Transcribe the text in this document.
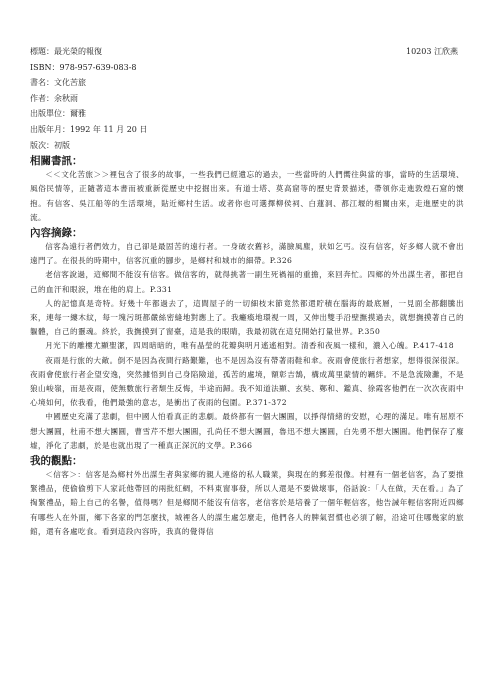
標題：最光榮的報復	10203 江欣燕
ISBN：978-957-639-083-8
書名：文化苦旅
作者：余秋雨
出版單位：爾雅
出版年月：1992 年 11 月 20 日
版次：初版
相關書訊：

＜＜文化苦旅＞＞裡包含了很多的故事，一些我們已經遺忘的過去，一些當時的人們嚮往與當的事，當時的生活環境、風俗民情等，正隨著這本書而被重新從歷史中挖掘出來。有道士塔、莫高窟等的歷史背景描述，帶領你走進敦煌石窟的懷抱。有信客、吳江船等的生活環境，貼近鄉村生活。或者你也可選擇柳侯祠、白蓮洞、都江堰的相關由來，走進歷史的洪流。

內容摘錄：

信客為遠行者們效力，自己卻是最固苦的遠行者。一身破衣舊衫，滿臉風塵，狀如乞丐。沒有信客，好多鄉人就不會出遠門了。在很長的時期中，信客沉重的腳步，是鄉村和城市的細帶。P.326

老信客說過，這鄉間不能沒有信客。做信客的，就得挑著一副生死禍福的重擔，來回奔忙。四鄉的外出謀生者，都把自己的血汗和眼淚，堆在他的肩上。P.331

人的記憶真是奇特。好幾十年都過去了，這間屋子的一切細枝末節竟然都還貯積在腦海的最底層，一見面全都翻騰出來，連每一縷木紋，每一塊污斑都嚴絲密縫地對應上了。我癱瘓地環視一周，又伸出雙手沿壁撫摸過去，就想撫摸著自己的軀體，自己的靈魂。終於，我撫摸到了窗臺，這是我的眼睛，我最初就在這兒開始打量世界。P.350

月光下的雕樓尤顯聖潔，四周暗暗的，唯有晶瑩的花瓣與明月遙遙相對。清香和夜風一樣和，濃入心魄。P.417-418

夜雨是行旅的大敵。倒不是因為夜間行路艱難，也不是因為沒有帶著雨鞋和傘。夜雨會使旅行者想家，想得很深很深。夜雨會使旅行者企望安逸，突然據悟到自己身陷險道，孤苦的處境，額彰吉鵠，構成萬里蒙情的羈絆。不是急流險灘，不是狼山峻嶺，而是夜雨，使無數旅行者頹生反悔，半途而歸。我不知道法顯、玄奘、鄭和、鑑真、徐霞客他們在一次次夜雨中心境如何，依我看，他們最強的意志，是衝出了夜雨的包圍。P.371-372

中國歷史充滿了悲劇，但中國人怕看真正的悲劇。最終都有一個大團圓，以掙得情緒的安慰，心理的滿足。唯有屈原不想大團圓，杜甫不想大團圓，曹雪芹不想大團圓，孔尚任不想大團圓，魯迅不想大團圓，白先勇不想大團圓。他們保存了廢墟，淨化了悲劇，於是也就出現了一種真正深沉的文學。P.366

我的觀點：

＜信客＞：信客是為鄉村外出謀生者與家鄉的親人連絡的私人職業，與現在的郵差很像。村裡有一個老信客，為了要推緊禮品，使偷偷剪下人家託他帶回的兩批紅綢，不料東窗事發，所以人還是不要做壞事，俗話說：「人在做，天在看。」為了掏緊禮品，賠上自己的名譽，值得嗎？但是鄉間不能沒有信客，老信客於是培養了一個年輕信客，他告誡年輕信客附近四鄉有哪些人在外面，鄉下各家的門怎麼找，城裡各人的謀生處怎麼走，他們各人的脾氣習慣也必須了解，沿途可住哪幾家的旅館，還有各處吃食。看到這段內容時，我真的覺得信
